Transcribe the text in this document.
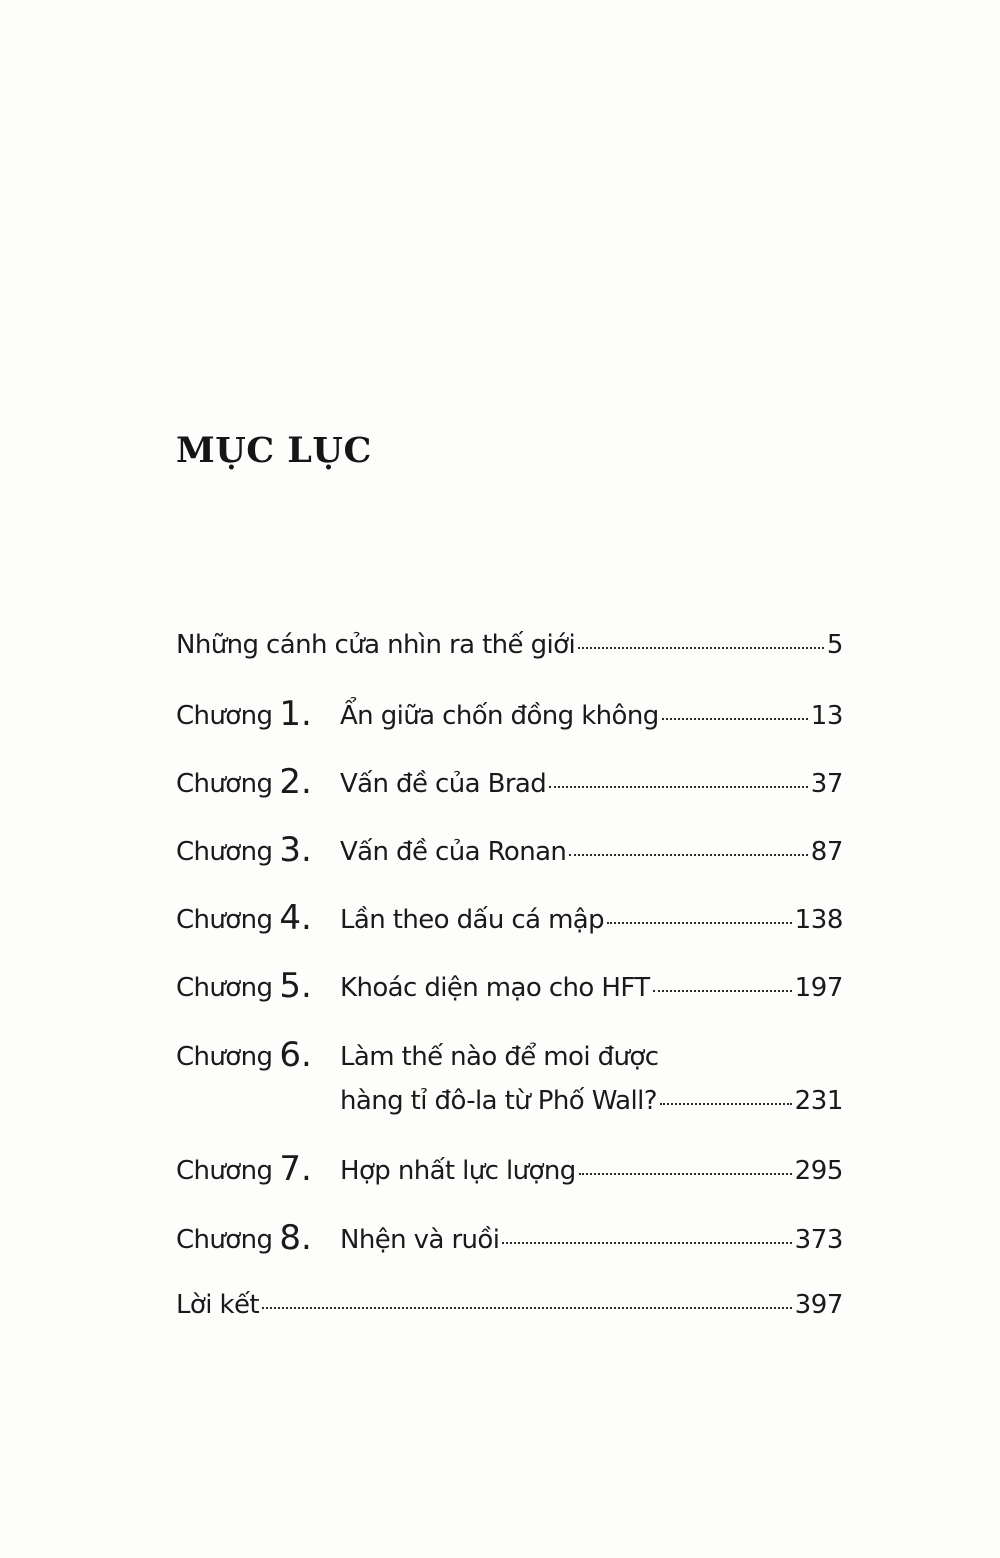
MỤC LỤC
Những cánh cửa nhìn ra thế giới	5
Chương 1.	Ẩn giữa chốn đồng không	13
Chương 2.	Vấn đề của Brad	37
Chương 3.	Vấn đề của Ronan	87
Chương 4.	Lần theo dấu cá mập	138
Chương 5.	Khoác diện mạo cho HFT	197
Chương 6.	Làm thế nào để moi được
hàng tỉ đô-la từ Phố Wall?	231
Chương 7.	Hợp nhất lực lượng	295
Chương 8.	Nhện và ruồi	373
Lời kết	397
